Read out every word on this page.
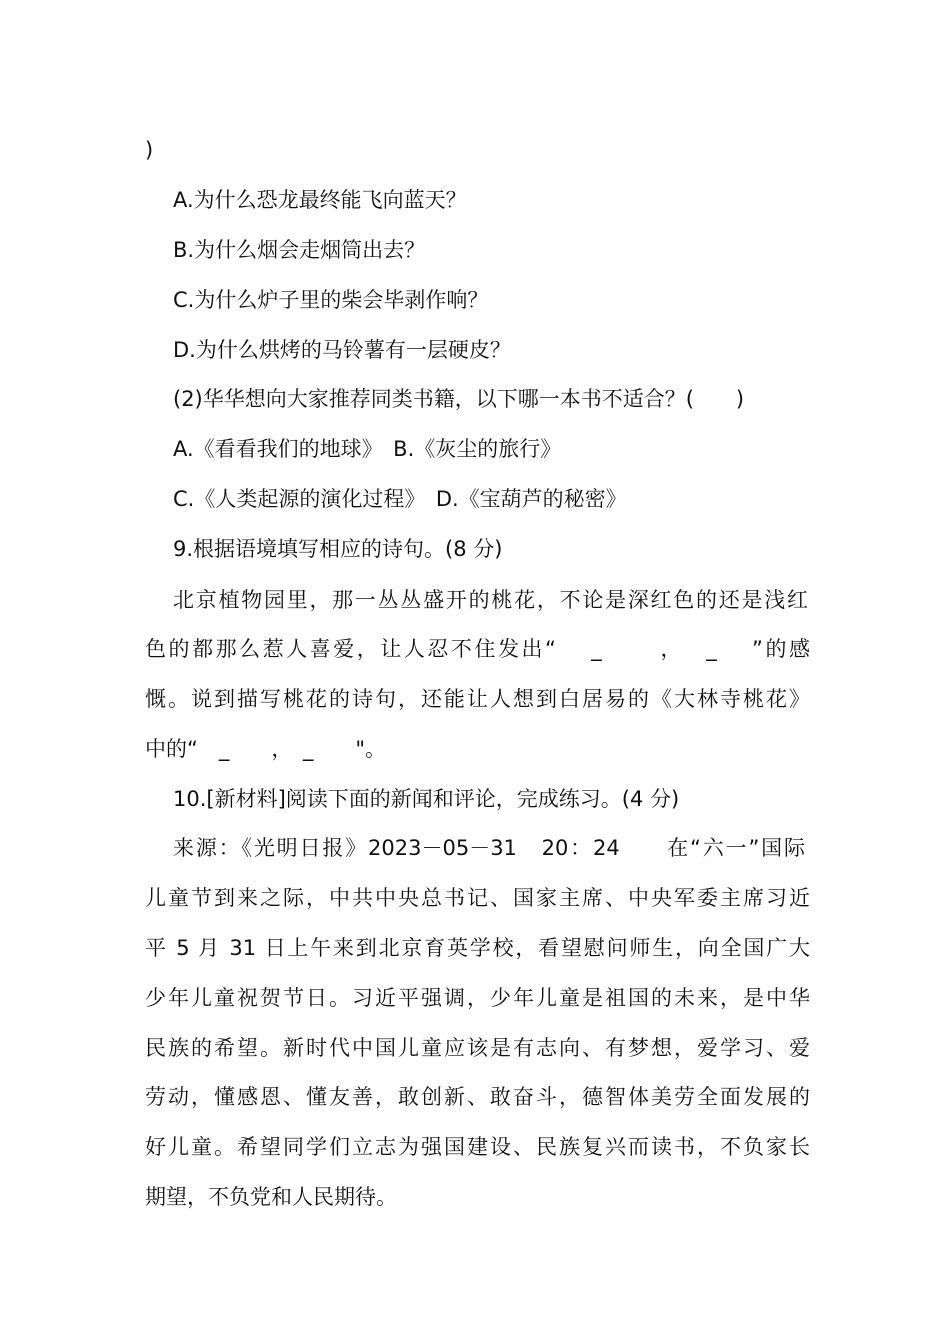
)
A.为什么恐龙最终能飞向蓝天？
B.为什么烟会走烟筒出去？
C.为什么炉子里的柴会毕剥作响？
D.为什么烘烤的马铃薯有一层硬皮？
(2)华华想向大家推荐同类书籍，以下哪一本书不适合？(　　)
A.《看看我们的地球》　B.《灰尘的旅行》
C.《人类起源的演化过程》　D.《宝葫芦的秘密》
9.根据语境填写相应的诗句。(8 分)
北京植物园里，那一丛丛盛开的桃花，不论是深红色的还是浅红
色的都那么惹人喜爱，让人忍不住发出“　 _　　 ，　 _　 ”的感
慨。说到描写桃花的诗句，还能让人想到白居易的《大林寺桃花》
中的“　_　　，　_　　"。
10.[新材料]阅读下面的新闻和评论，完成练习。(4 分)
来源：《光明日报》2023－05－31　20：24　　在“六一”国际
儿童节到来之际，中共中央总书记、国家主席、中央军委主席习近
平 5 月 31 日上午来到北京育英学校，看望慰问师生，向全国广大
少年儿童祝贺节日。习近平强调，少年儿童是祖国的未来，是中华
民族的希望。新时代中国儿童应该是有志向、有梦想，爱学习、爱
劳动，懂感恩、懂友善，敢创新、敢奋斗，德智体美劳全面发展的
好儿童。希望同学们立志为强国建设、民族复兴而读书，不负家长
期望，不负党和人民期待。
